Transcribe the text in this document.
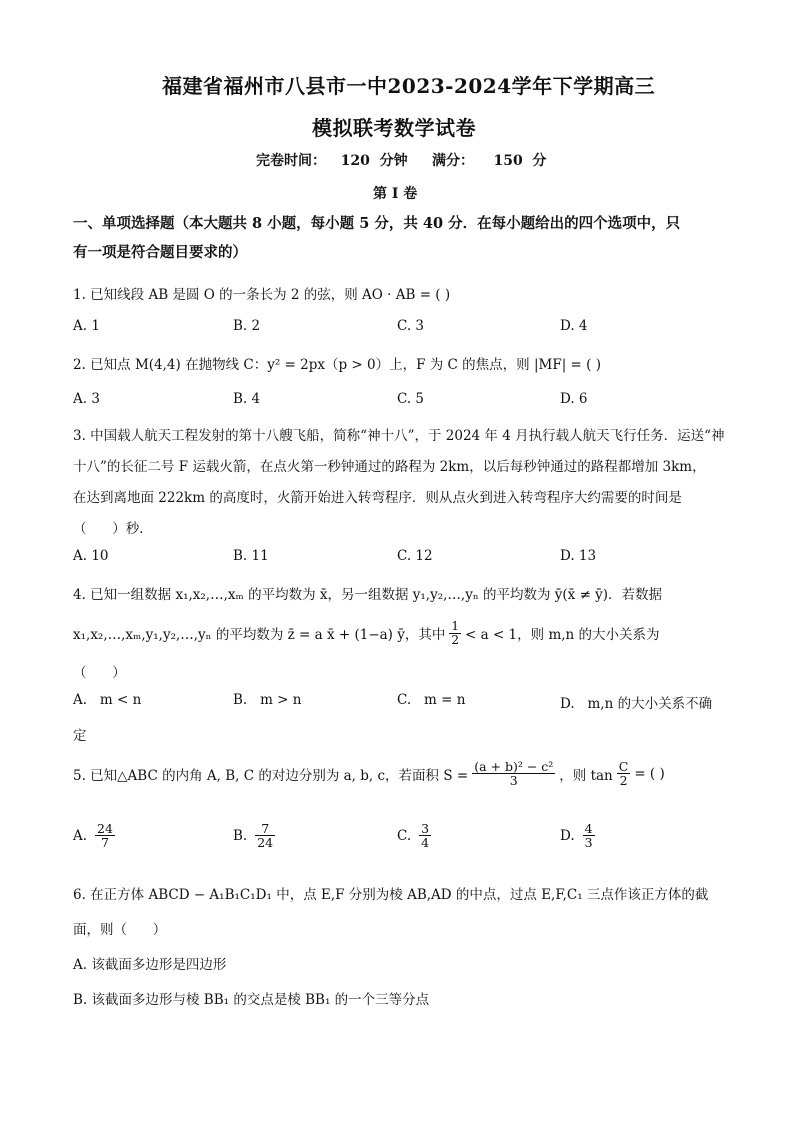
福建省福州市八县市一中2023-2024学年下学期高三
模拟联考数学试卷
完卷时间：   120  分钟     满分：    150  分
第 I 卷
一、单项选择题（本大题共 8 小题，每小题 5 分，共 40 分．在每小题给出的四个选项中，只
有一项是符合题目要求的）
1. 已知线段 AB 是圆 O 的一条长为 2 的弦，则 AO · AB = ( )
A. 1	B. 2	C. 3	D. 4
2. 已知点 M(4,4) 在抛物线 C：y² = 2px（p > 0）上，F 为 C 的焦点，则 |MF| = ( )
A. 3	B. 4	C. 5	D. 6
3. 中国载人航天工程发射的第十八艘飞船，简称“神十八”，于 2024 年 4 月执行载人航天飞行任务．运送“神
十八”的长征二号 F 运载火箭，在点火第一秒钟通过的路程为 2km，以后每秒钟通过的路程都增加 3km，
在达到离地面 222km 的高度时，火箭开始进入转弯程序．则从点火到进入转弯程序大约需要的时间是
（      ）秒．
A. 10	B. 11	C. 12	D. 13
4. 已知一组数据 x₁,x₂,…,xₘ 的平均数为 x̄，另一组数据 y₁,y₂,…,yₙ 的平均数为 ȳ(x̄ ≠ ȳ)．若数据
x₁,x₂,…,xₘ,y₁,y₂,…,yₙ 的平均数为 z̄ = a x̄ + (1−a) ȳ，其中 $\frac{1}{2} < a < 1$，则 m,n 的大小关系为
（      ）
A.   m < n	B.   m > n	C.   m = n	D.   m,n 的大小关系不确
定
5. 已知△ABC 的内角 A, B, C 的对边分别为 a, b, c，若面积 $S = \frac{\text{(a + b)² − c²}}{3}$ ，则 $\tan \frac{C}{2}$ = ( )
A. $\frac{24}{7}$	B. $\frac{7}{24}$	C. $\frac{3}{4}$	D. $\frac{4}{3}$
6. 在正方体 ABCD − A₁B₁C₁D₁ 中，点 E,F 分别为棱 AB,AD 的中点，过点 E,F,C₁ 三点作该正方体的截
面，则（      ）
A. 该截面多边形是四边形
B. 该截面多边形与棱 BB₁ 的交点是棱 BB₁ 的一个三等分点
